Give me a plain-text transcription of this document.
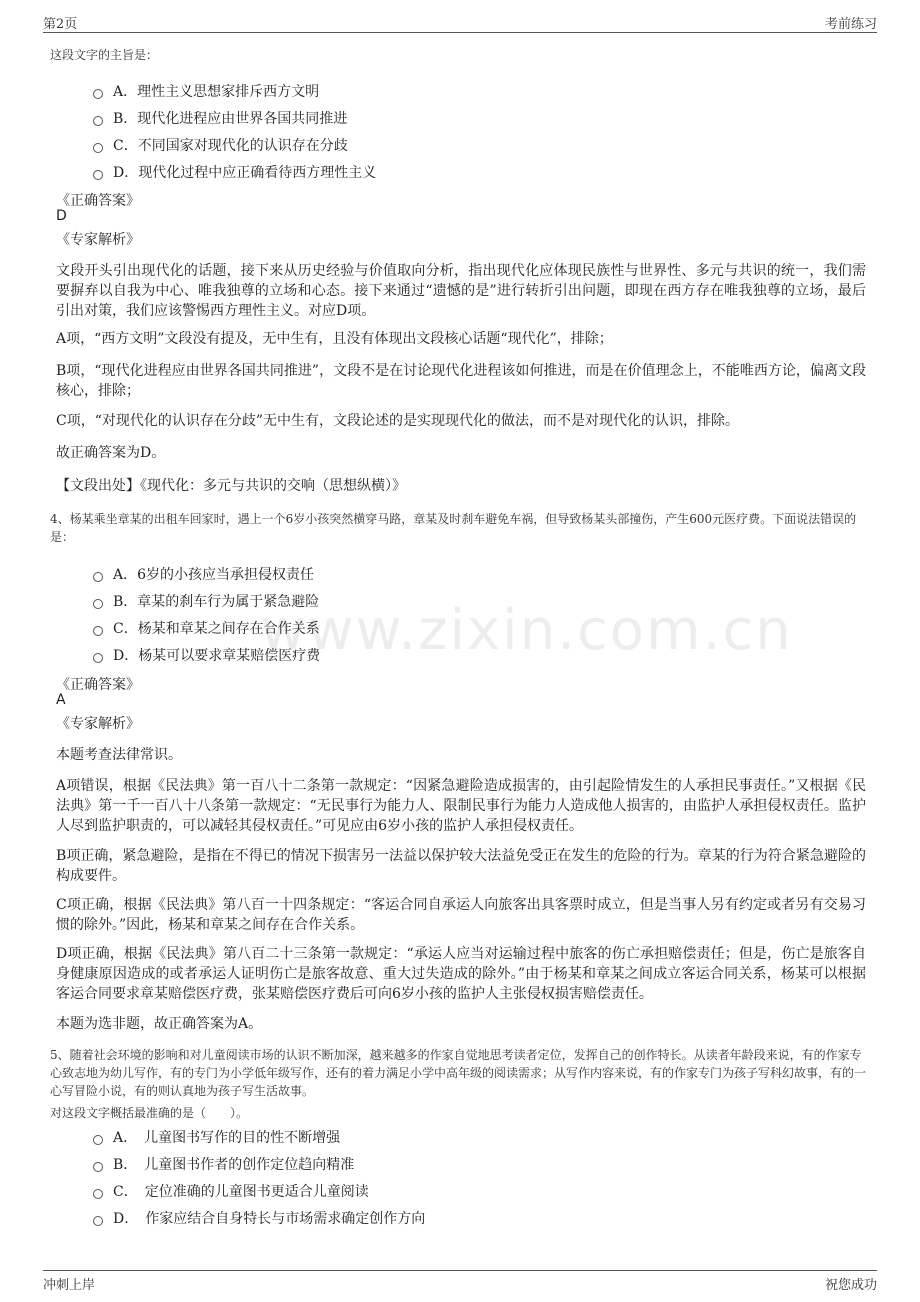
第2页	考前练习
www.zixin.com.cn
这段文字的主旨是：
A．理性主义思想家排斥西方文明
B．现代化进程应由世界各国共同推进
C．不同国家对现代化的认识存在分歧
D．现代化过程中应正确看待西方理性主义
《正确答案》
D
《专家解析》
文段开头引出现代化的话题，接下来从历史经验与价值取向分析，指出现代化应体现民族性与世界性、多元与共识的统一，我们需要摒弃以自我为中心、唯我独尊的立场和心态。接下来通过“遗憾的是”进行转折引出问题，即现在西方存在唯我独尊的立场，最后引出对策，我们应该警惕西方理性主义。对应D项。
A项，“西方文明”文段没有提及，无中生有，且没有体现出文段核心话题“现代化”，排除；
B项，“现代化进程应由世界各国共同推进”，文段不是在讨论现代化进程该如何推进，而是在价值理念上，不能唯西方论，偏离文段核心，排除；
C项，“对现代化的认识存在分歧”无中生有，文段论述的是实现现代化的做法，而不是对现代化的认识，排除。
故正确答案为D。
【文段出处】《现代化：多元与共识的交响（思想纵横）》
4、杨某乘坐章某的出租车回家时，遇上一个6岁小孩突然横穿马路，章某及时刹车避免车祸，但导致杨某头部撞伤，产生600元医疗费。下面说法错误的是：
A．6岁的小孩应当承担侵权责任
B．章某的刹车行为属于紧急避险
C．杨某和章某之间存在合作关系
D．杨某可以要求章某赔偿医疗费
《正确答案》
A
《专家解析》
本题考查法律常识。
A项错误，根据《民法典》第一百八十二条第一款规定：“因紧急避险造成损害的，由引起险情发生的人承担民事责任。”又根据《民法典》第一千一百八十八条第一款规定：“无民事行为能力人、限制民事行为能力人造成他人损害的，由监护人承担侵权责任。监护人尽到监护职责的，可以减轻其侵权责任。”可见应由6岁小孩的监护人承担侵权责任。
B项正确，紧急避险，是指在不得已的情况下损害另一法益以保护较大法益免受正在发生的危险的行为。章某的行为符合紧急避险的构成要件。
C项正确，根据《民法典》第八百一十四条规定：“客运合同自承运人向旅客出具客票时成立，但是当事人另有约定或者另有交易习惯的除外。”因此，杨某和章某之间存在合作关系。
D项正确，根据《民法典》第八百二十三条第一款规定：“承运人应当对运输过程中旅客的伤亡承担赔偿责任；但是，伤亡是旅客自身健康原因造成的或者承运人证明伤亡是旅客故意、重大过失造成的除外。”由于杨某和章某之间成立客运合同关系，杨某可以根据客运合同要求章某赔偿医疗费，张某赔偿医疗费后可向6岁小孩的监护人主张侵权损害赔偿责任。
本题为选非题，故正确答案为A。
5、随着社会环境的影响和对儿童阅读市场的认识不断加深，越来越多的作家自觉地思考读者定位，发挥自己的创作特长。从读者年龄段来说，有的作家专心致志地为幼儿写作，有的专门为小学低年级写作，还有的着力满足小学中高年级的阅读需求；从写作内容来说，有的作家专门为孩子写科幻故事，有的一心写冒险小说，有的则认真地为孩子写生活故事。
对这段文字概括最准确的是（　　）。
A．　儿童图书写作的目的性不断增强
B．　儿童图书作者的创作定位趋向精准
C．　定位准确的儿童图书更适合儿童阅读
D．　作家应结合自身特长与市场需求确定创作方向
冲刺上岸	祝您成功
